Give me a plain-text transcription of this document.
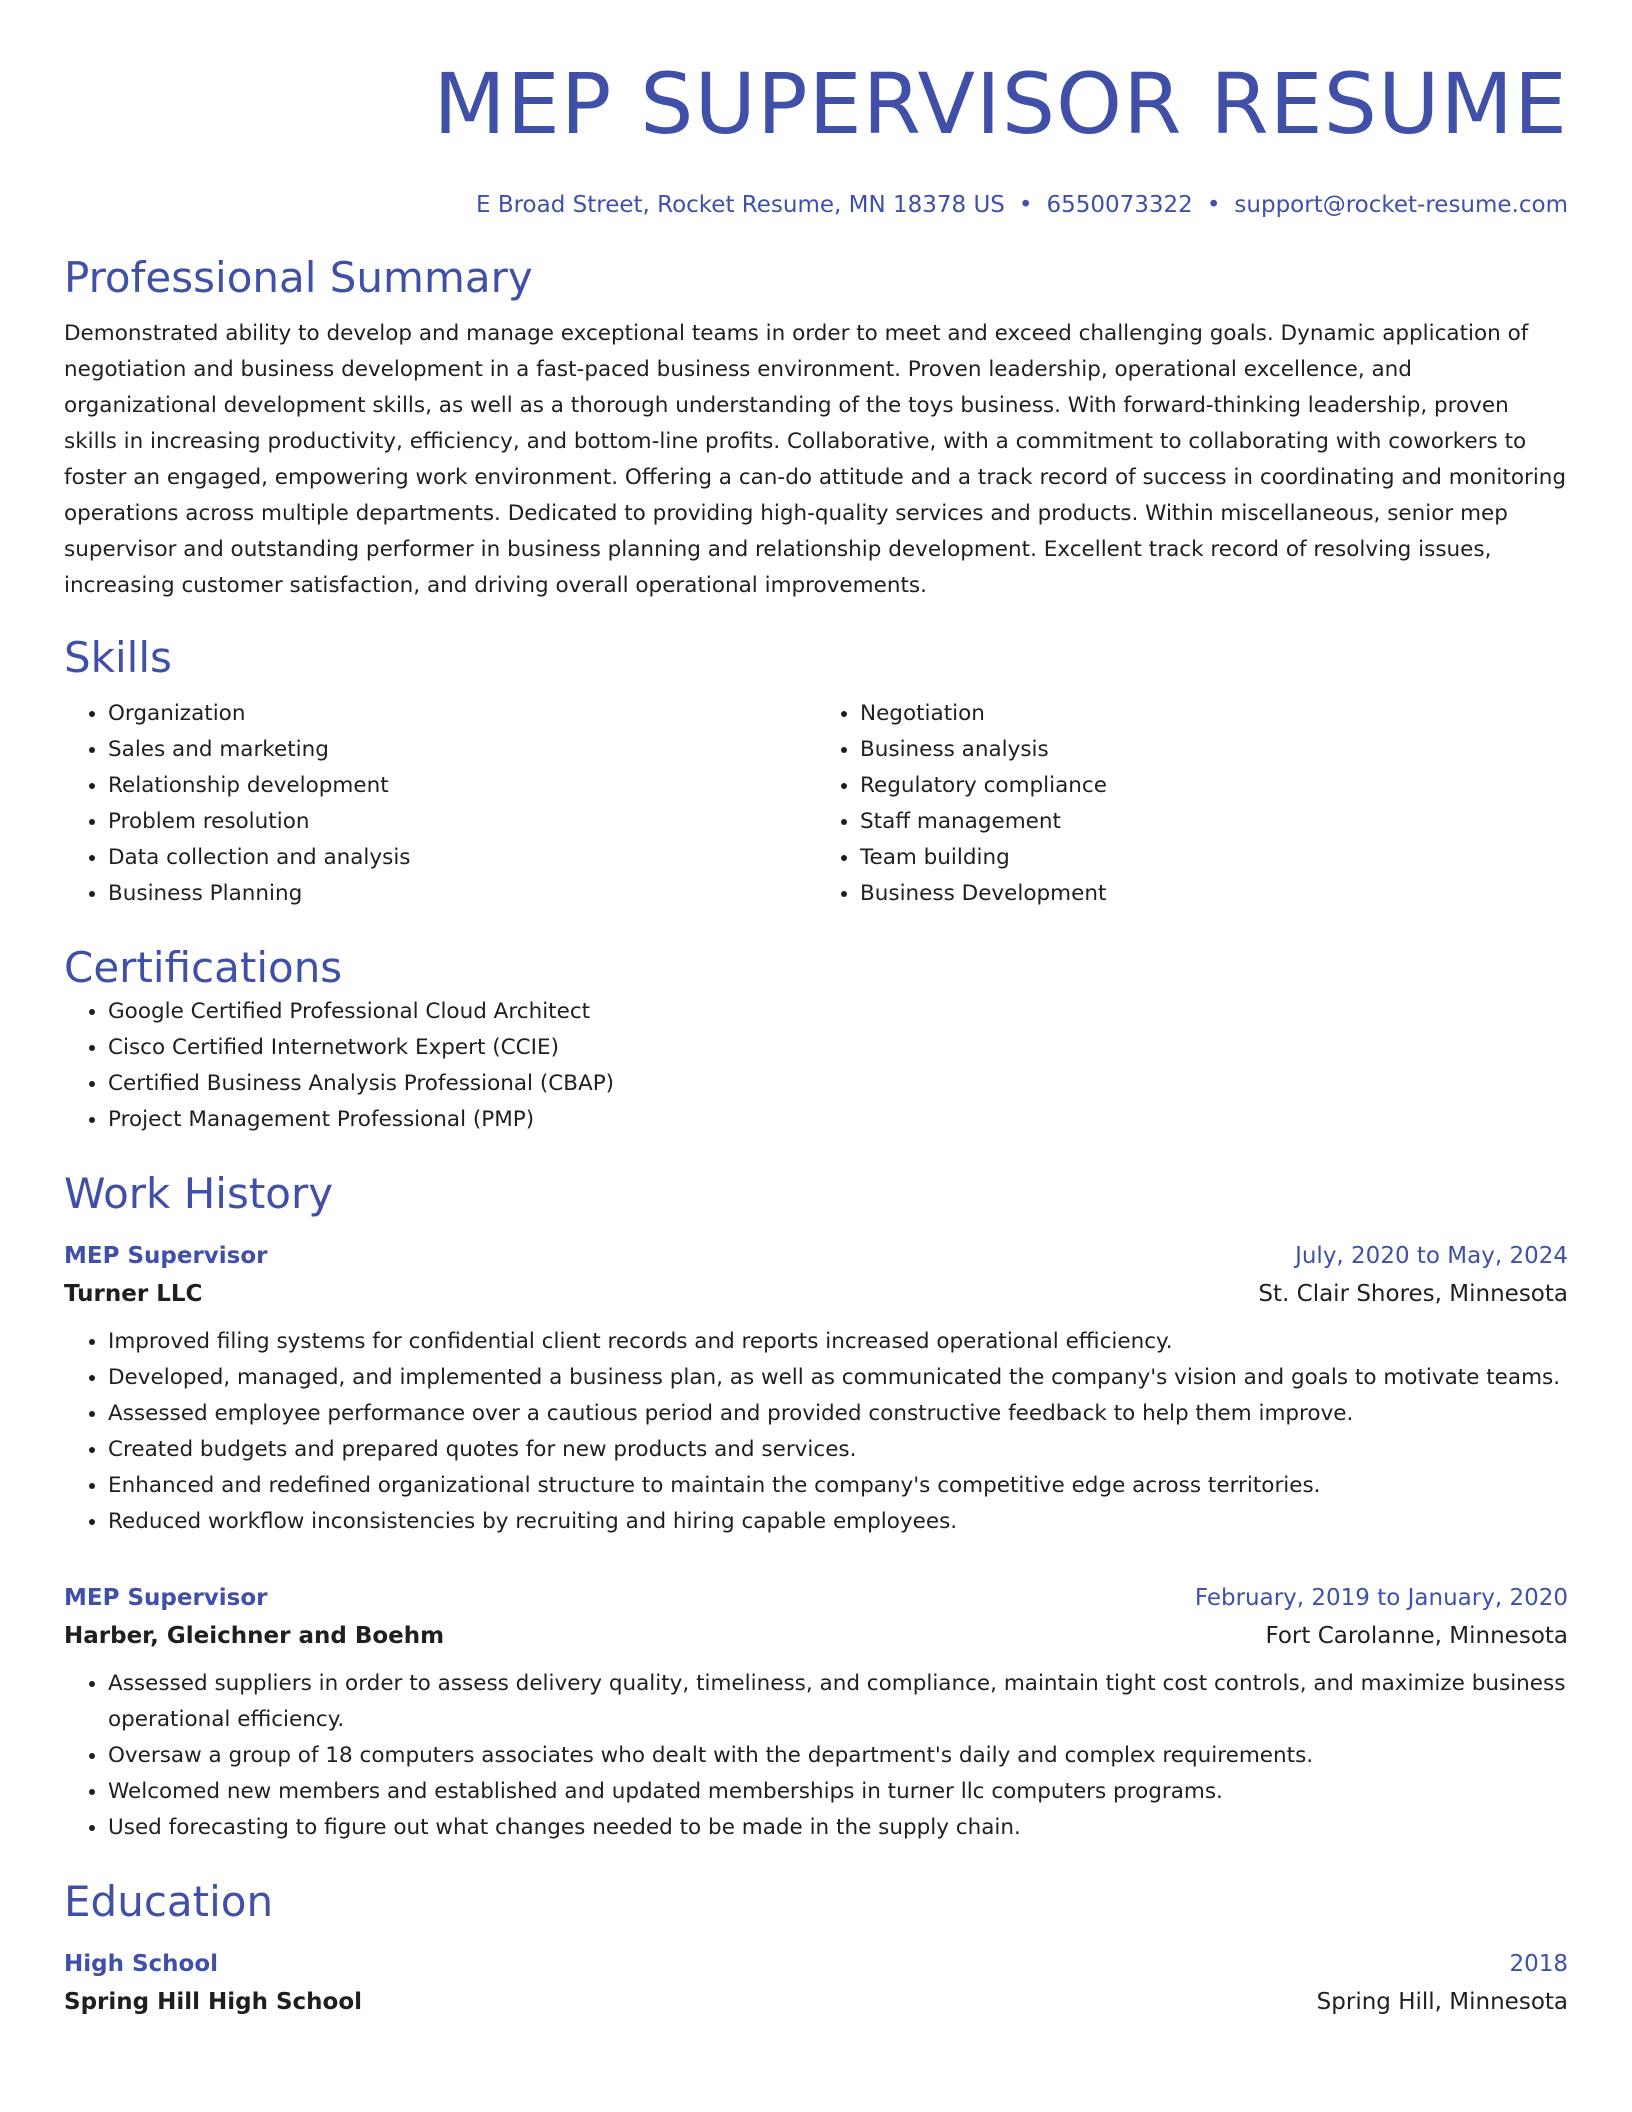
MEP SUPERVISOR RESUME
E Broad Street, Rocket Resume, MN 18378 US • 6550073322 • support@rocket-resume.com
Professional Summary

Demonstrated ability to develop and manage exceptional teams in order to meet and exceed challenging goals. Dynamic application of negotiation and business development in a fast-paced business environment. Proven leadership, operational excellence, and organizational development skills, as well as a thorough understanding of the toys business. With forward-thinking leadership, proven skills in increasing productivity, efficiency, and bottom-line profits. Collaborative, with a commitment to collaborating with coworkers to foster an engaged, empowering work environment. Offering a can-do attitude and a track record of success in coordinating and monitoring operations across multiple departments. Dedicated to providing high-quality services and products. Within miscellaneous, senior mep supervisor and outstanding performer in business planning and relationship development. Excellent track record of resolving issues, increasing customer satisfaction, and driving overall operational improvements.

Skills
• Organization
• Sales and marketing
• Relationship development
• Problem resolution
• Data collection and analysis
• Business Planning
• Negotiation
• Business analysis
• Regulatory compliance
• Staff management
• Team building
• Business Development
Certifications
• Google Certified Professional Cloud Architect
• Cisco Certified Internetwork Expert (CCIE)
• Certified Business Analysis Professional (CBAP)
• Project Management Professional (PMP)
Work History
MEP Supervisor	July, 2020 to May, 2024
Turner LLC	St. Clair Shores, Minnesota
• Improved filing systems for confidential client records and reports increased operational efficiency.
• Developed, managed, and implemented a business plan, as well as communicated the company's vision and goals to motivate teams.
• Assessed employee performance over a cautious period and provided constructive feedback to help them improve.
• Created budgets and prepared quotes for new products and services.
• Enhanced and redefined organizational structure to maintain the company's competitive edge across territories.
• Reduced workflow inconsistencies by recruiting and hiring capable employees.
MEP Supervisor	February, 2019 to January, 2020
Harber, Gleichner and Boehm	Fort Carolanne, Minnesota
• Assessed suppliers in order to assess delivery quality, timeliness, and compliance, maintain tight cost controls, and maximize business operational efficiency.
• Oversaw a group of 18 computers associates who dealt with the department's daily and complex requirements.
• Welcomed new members and established and updated memberships in turner llc computers programs.
• Used forecasting to figure out what changes needed to be made in the supply chain.
Education
High School	2018
Spring Hill High School	Spring Hill, Minnesota
